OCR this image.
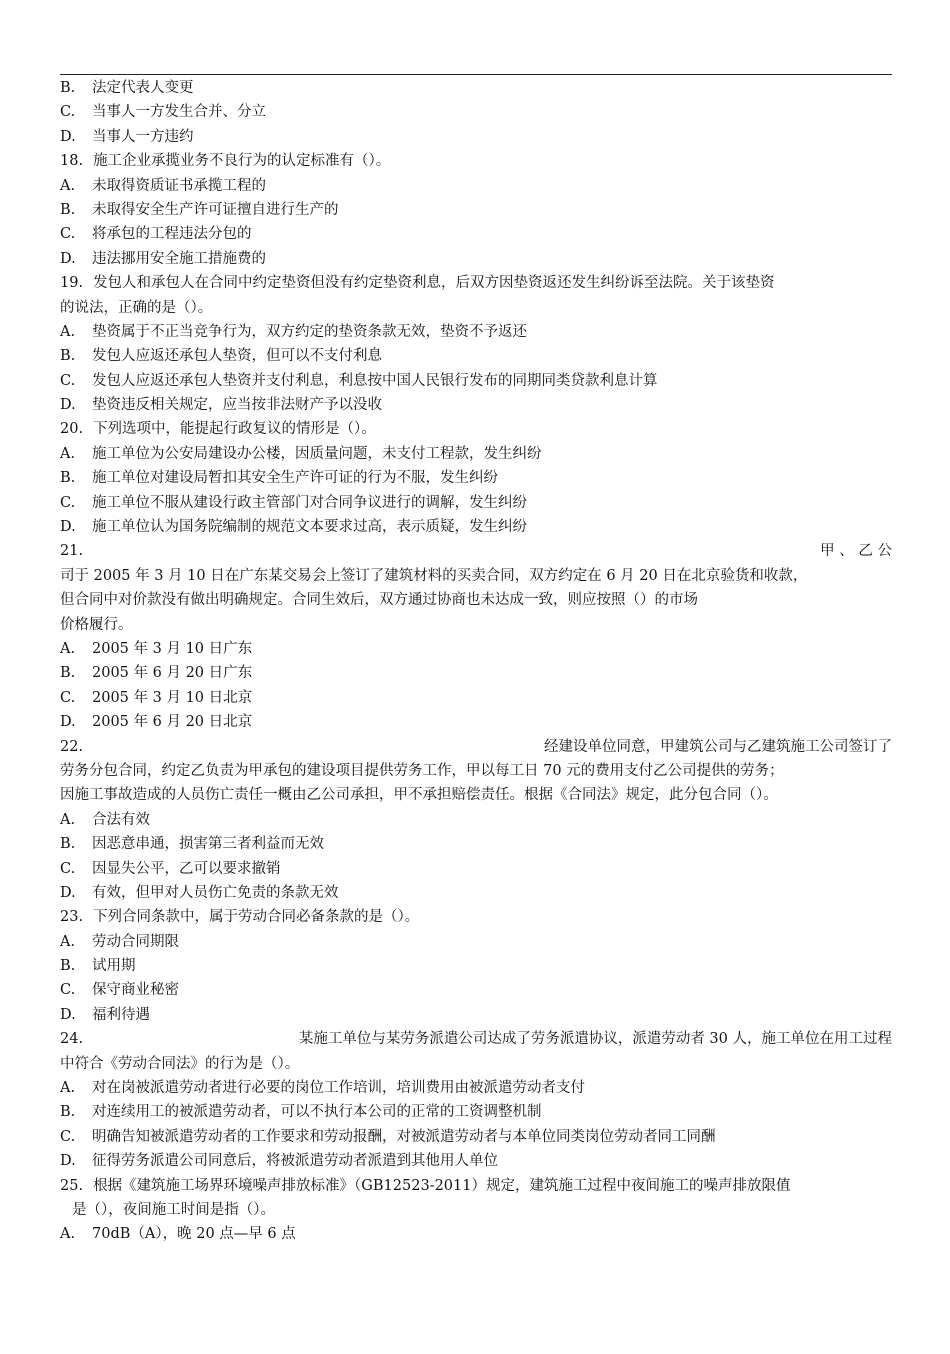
B.	法定代表人变更
C.	当事人一方发生合并、分立
D.	当事人一方违约
18. 施工企业承揽业务不良行为的认定标准有（）。
A.	未取得资质证书承揽工程的
B.	未取得安全生产许可证擅自进行生产的
C.	将承包的工程违法分包的
D.	违法挪用安全施工措施费的
19. 发包人和承包人在合同中约定垫资但没有约定垫资利息，后双方因垫资返还发生纠纷诉至法院。关于该垫资
的说法，正确的是（）。
A.	垫资属于不正当竞争行为，双方约定的垫资条款无效，垫资不予返还
B.	发包人应返还承包人垫资，但可以不支付利息
C.	发包人应返还承包人垫资并支付利息，利息按中国人民银行发布的同期同类贷款利息计算
D.	垫资违反相关规定，应当按非法财产予以没收
20. 下列选项中，能提起行政复议的情形是（）。
A.	施工单位为公安局建设办公楼，因质量问题，未支付工程款，发生纠纷
B.	施工单位对建设局暂扣其安全生产许可证的行为不服，发生纠纷
C.	施工单位不服从建设行政主管部门对合同争议进行的调解，发生纠纷
D.	施工单位认为国务院编制的规范文本要求过高，表示质疑，发生纠纷
21.	甲 、 乙 公
司于 2005 年 3 月 10 日在广东某交易会上签订了建筑材料的买卖合同，双方约定在 6 月 20 日在北京验货和收款，
但合同中对价款没有做出明确规定。合同生效后，双方通过协商也未达成一致，则应按照（）的市场
价格履行。
A.	2005 年 3 月 10 日广东
B.	2005 年 6 月 20 日广东
C.	2005 年 3 月 10 日北京
D.	2005 年 6 月 20 日北京
22.	经建设单位同意，甲建筑公司与乙建筑施工公司签订了
劳务分包合同，约定乙负责为甲承包的建设项目提供劳务工作，甲以每工日 70 元的费用支付乙公司提供的劳务；
因施工事故造成的人员伤亡责任一概由乙公司承担，甲不承担赔偿责任。根据《合同法》规定，此分包合同（）。
A.	合法有效
B.	因恶意串通，损害第三者利益而无效
C.	因显失公平，乙可以要求撤销
D.	有效，但甲对人员伤亡免责的条款无效
23. 下列合同条款中，属于劳动合同必备条款的是（）。
A.	劳动合同期限
B.	试用期
C.	保守商业秘密
D.	福利待遇
24.	某施工单位与某劳务派遣公司达成了劳务派遣协议，派遣劳动者 30 人，施工单位在用工过程
中符合《劳动合同法》的行为是（）。
A.	对在岗被派遣劳动者进行必要的岗位工作培训，培训费用由被派遣劳动者支付
B.	对连续用工的被派遣劳动者，可以不执行本公司的正常的工资调整机制
C.	明确告知被派遣劳动者的工作要求和劳动报酬，对被派遣劳动者与本单位同类岗位劳动者同工同酬
D.	征得劳务派遣公司同意后，将被派遣劳动者派遣到其他用人单位
25. 根据《建筑施工场界环境噪声排放标准》（GB12523-2011）规定，建筑施工过程中夜间施工的噪声排放限值
是（），夜间施工时间是指（）。
A.	70dB（A），晚 20 点—早 6 点
